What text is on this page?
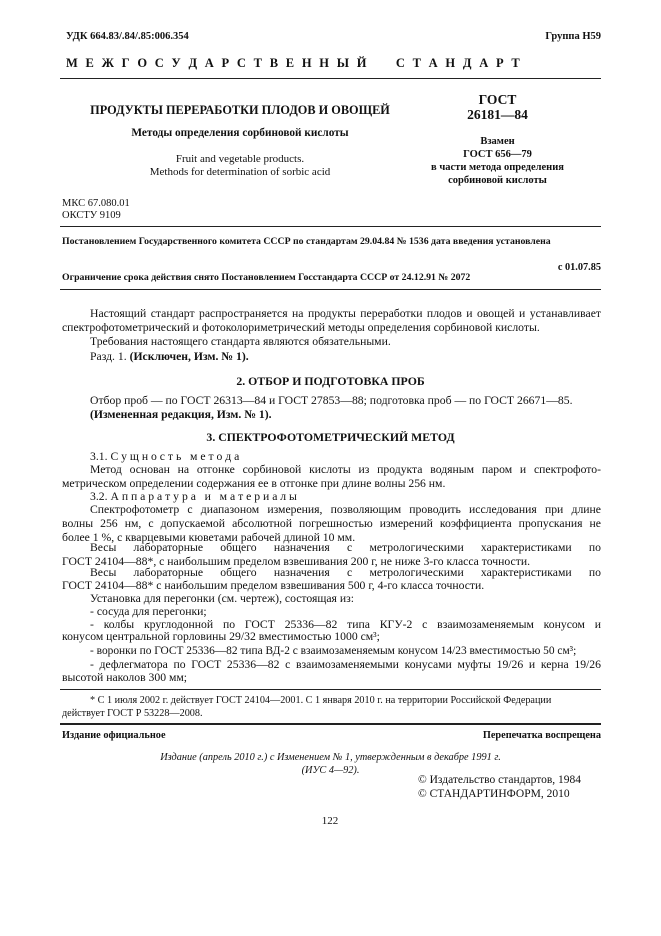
УДК 664.83/.84/.85:006.354	Группа Н59
М Е Ж Г О С У Д А Р С Т В Е Н Н Ы Й     С Т А Н Д А Р Т
ПРОДУКТЫ ПЕРЕРАБОТКИ ПЛОДОВ И ОВОЩЕЙ
Методы определения сорбиновой кислоты
Fruit and vegetable products.
Methods for determination of sorbic acid
ГОСТ
26181—84
Взамен
ГОСТ 656—79
в части метода определения
сорбиновой кислоты
МКС 67.080.01
ОКСТУ 9109
Постановлением Государственного комитета СССР по стандартам 29.04.84 № 1536 дата введения установлена
с 01.07.85
Ограничение срока действия снято Постановлением Госстандарта СССР от 24.12.91 № 2072
Настоящий стандарт распространяется на продукты переработки плодов и овощей и устанавливает
спектрофотометрический и фотоколориметрический методы определения сорбиновой кислоты.
Требования настоящего стандарта являются обязательными.
Разд. 1. (Исключен, Изм. № 1).
2. ОТБОР И ПОДГОТОВКА ПРОБ
Отбор проб — по ГОСТ 26313—84 и ГОСТ 27853—88; подготовка проб — по ГОСТ 26671—85.
(Измененная редакция, Изм. № 1).
3. СПЕКТРОФОТОМЕТРИЧЕСКИЙ МЕТОД
3.1. С у щ н о с т ь   м е т о д а
Метод основан на отгонке сорбиновой кислоты из продукта водяным паром и спектрофото-
метрическом определении содержания ее в отгонке при длине волны 256 нм.
3.2. А п п а р а т у р а   и   м а т е р и а л ы
Спектрофотометр с диапазоном измерения, позволяющим проводить исследования при длине
волны 256 нм, с допускаемой абсолютной погрешностью измерений коэффициента пропускания не
более 1 %, с кварцевыми кюветами рабочей длиной 10 мм.
Весы   лабораторные   общего   назначения   с   метрологическими   характеристиками   по
ГОСТ 24104—88*, с наибольшим пределом взвешивания 200 г, не ниже 3-го класса точности.
Весы   лабораторные   общего   назначения   с   метрологическими   характеристиками   по
ГОСТ 24104—88* с наибольшим пределом взвешивания 500 г, 4-го класса точности.
Установка для перегонки (см. чертеж), состоящая из:
- сосуда для перегонки;
- колбы круглодонной по ГОСТ 25336—82 типа КГУ-2 с взаимозаменяемым конусом и
конусом центральной горловины 29/32 вместимостью 1000 см³;
- воронки по ГОСТ 25336—82 типа ВД-2 с взаимозаменяемым конусом 14/23 вместимостью 50 см³;
- дефлегматора по ГОСТ 25336—82 с взаимозаменяемыми конусами муфты 19/26 и керна 19/26
высотой наколов 300 мм;
* С 1 июля 2002 г. действует ГОСТ 24104—2001. С 1 января 2010 г. на территории Российской Федерации
действует ГОСТ Р 53228—2008.
Издание официальное	Перепечатка воспрещена
Издание (апрель 2010 г.) с Изменением № 1, утвержденным в декабре 1991 г.
(ИУС 4—92).
© Издательство стандартов, 1984
© СТАНДАРТИНФОРМ, 2010
122
